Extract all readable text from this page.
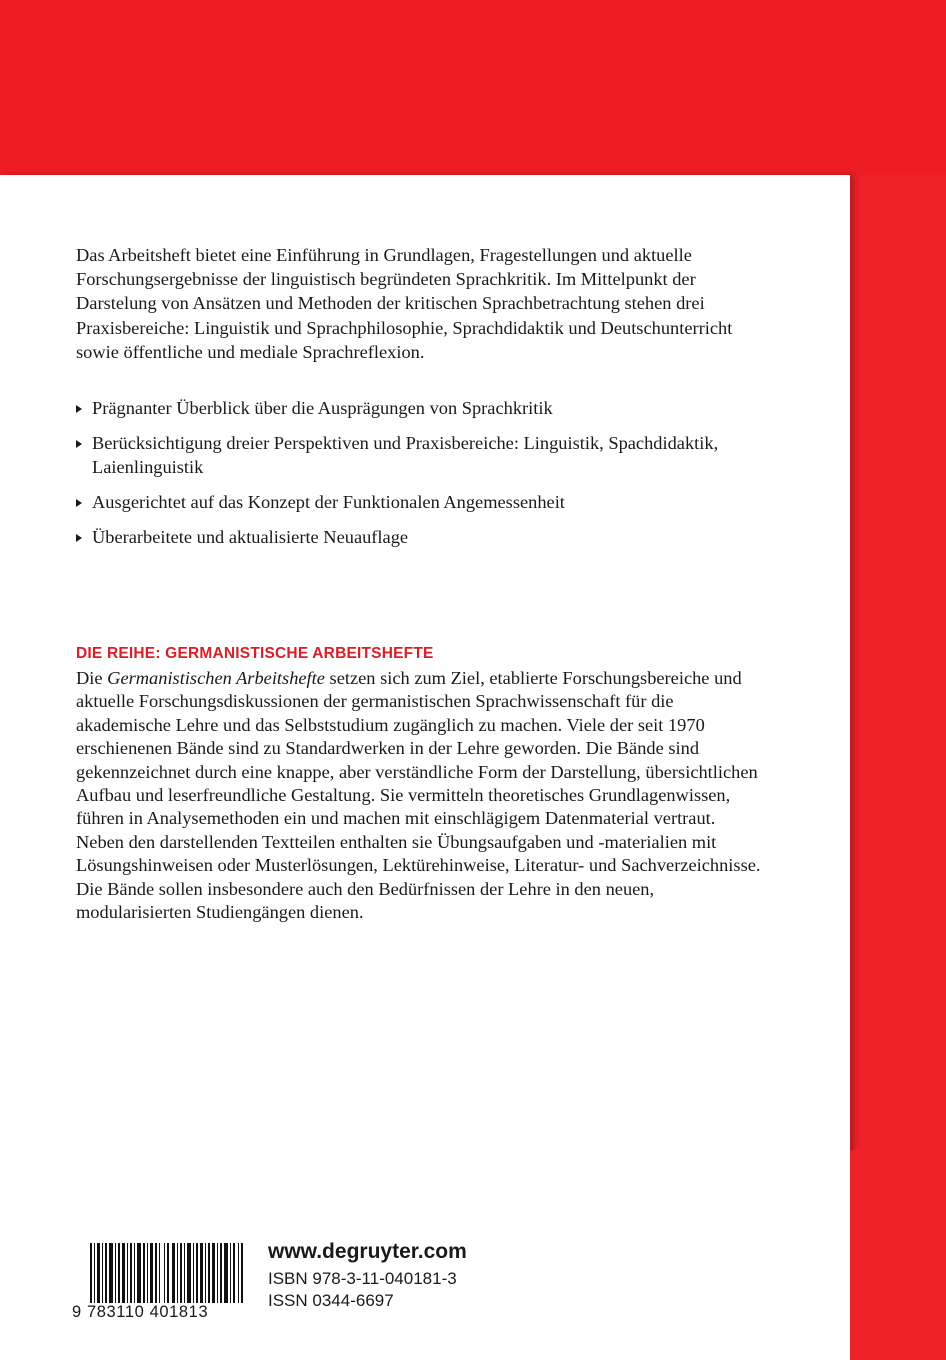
Das Arbeitsheft bietet eine Einführung in Grundlagen, Fragestellungen und aktuelle Forschungsergebnisse der linguistisch begründeten Sprachkritik. Im Mittelpunkt der Darstelung von Ansätzen und Methoden der kritischen Sprachbetrachtung stehen drei Praxisbereiche: Linguistik und Sprachphilosophie, Sprachdidaktik und Deutschunterricht sowie öffentliche und mediale Sprachreflexion.

Prägnanter Überblick über die Ausprägungen von Sprachkritik
Berücksichtigung dreier Perspektiven und Praxisbereiche: Linguistik, Spachdidaktik, Laienlinguistik
Ausgerichtet auf das Konzept der Funktionalen Angemessenheit
Überarbeitete und aktualisierte Neuauflage
DIE REIHE: GERMANISTISCHE ARBEITSHEFTE

Die Germanistischen Arbeitshefte setzen sich zum Ziel, etablierte Forschungsbereiche und aktuelle Forschungsdiskussionen der germanistischen Sprachwissenschaft für die akademische Lehre und das Selbststudium zugänglich zu machen. Viele der seit 1970 erschienenen Bände sind zu Standardwerken in der Lehre geworden. Die Bände sind gekennzeichnet durch eine knappe, aber verständliche Form der Darstellung, übersichtlichen Aufbau und leserfreundliche Gestaltung. Sie vermitteln theoretisches Grundlagenwissen, führen in Analysemethoden ein und machen mit einschlägigem Datenmaterial vertraut. Neben den darstellenden Textteilen enthalten sie Übungsaufgaben und -materialien mit Lösungshinweisen oder Musterlösungen, Lektürehinweise, Literatur- und Sachverzeichnisse.

Die Bände sollen insbesondere auch den Bedürfnissen der Lehre in den neuen, modularisierten Studiengängen dienen.

9 783110 401813

www.degruyter.com

ISBN 978-3-11-040181-3

ISSN 0344-6697
